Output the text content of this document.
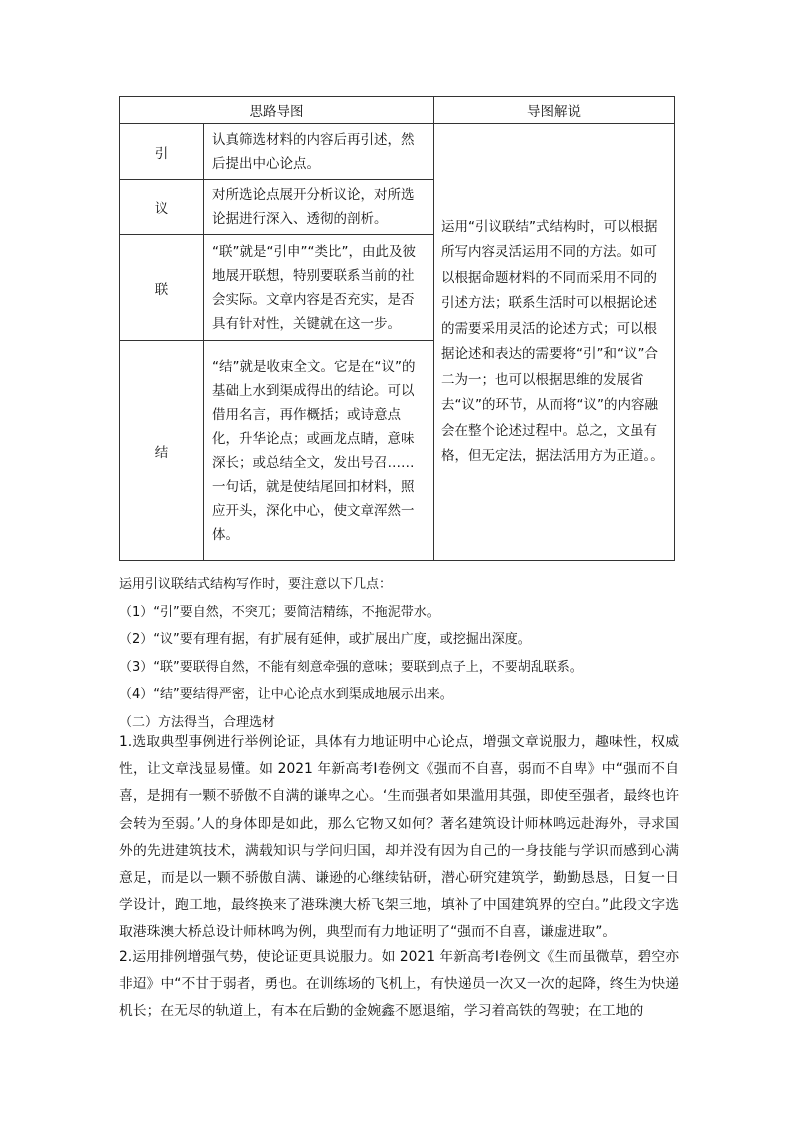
思路导图		导图解说
引	认真筛选材料的内容后再引述，然后提出中心论点。	运用“引议联结”式结构时，可以根据所写内容灵活运用不同的方法。如可以根据命题材料的不同而采用不同的引述方法；联系生活时可以根据论述的需要采用灵活的论述方式；可以根据论述和表达的需要将“引”和“议”合二为一；也可以根据思维的发展省去“议”的环节，从而将“议”的内容融会在整个论述过程中。总之，文虽有格，但无定法，据法活用方为正道。。
议	对所选论点展开分析议论，对所选论据进行深入、透彻的剖析。	
联	“联”就是“引申”“类比”，由此及彼地展开联想，特别要联系当前的社会实际。文章内容是否充实，是否具有针对性，关键就在这一步。	
结	“结”就是收束全文。它是在“议”的基础上水到渠成得出的结论。可以借用名言，再作概括；或诗意点化，升华论点；或画龙点睛，意味深长；或总结全文，发出号召……一句话，就是使结尾回扣材料，照应开头，深化中心，使文章浑然一体。	
运用引议联结式结构写作时，要注意以下几点：
（1）“引”要自然，不突兀；要简洁精练，不拖泥带水。
（2）“议”要有理有据，有扩展有延伸，或扩展出广度，或挖掘出深度。
（3）“联”要联得自然，不能有刻意牵强的意味；要联到点子上，不要胡乱联系。
（4）“结”要结得严密，让中心论点水到渠成地展示出来。
（二）方法得当，合理选材
1.选取典型事例进行举例论证，具体有力地证明中心论点，增强文章说服力，趣味性，权威性，让文章浅显易懂。如 2021 年新高考Ⅰ卷例文《强而不自喜，弱而不自卑》中“强而不自喜，是拥有一颗不骄傲不自满的谦卑之心。‘生而强者如果滥用其强，即使至强者，最终也许会转为至弱。’人的身体即是如此，那么它物又如何？著名建筑设计师林鸣远赴海外，寻求国外的先进建筑技术，满载知识与学问归国，却并没有因为自己的一身技能与学识而感到心满意足，而是以一颗不骄傲自满、谦逊的心继续钻研，潜心研究建筑学，勤勤恳恳，日复一日学设计，跑工地，最终换来了港珠澳大桥飞架三地，填补了中国建筑界的空白。”此段文字选取港珠澳大桥总设计师林鸣为例，典型而有力地证明了“强而不自喜，谦虚进取”。
2.运用排例增强气势，使论证更具说服力。如 2021 年新高考Ⅰ卷例文《生而虽微草，碧空亦非迢》中“不甘于弱者，勇也。在训练场的飞机上，有快递员一次又一次的起降，终生为快递机长；在无尽的轨道上，有本在后勤的金婉鑫不愿退缩，学习着高铁的驾驶；在工地的
